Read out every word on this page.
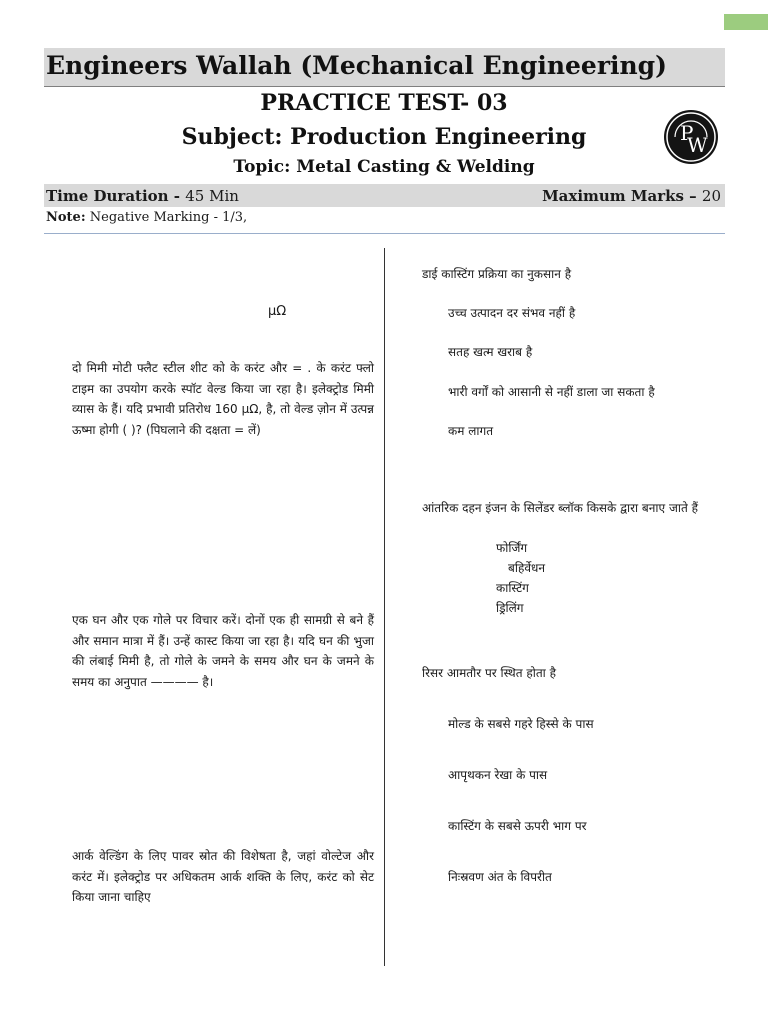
Engineers Wallah (Mechanical Engineering)
PRACTICE TEST- 03
Subject: Production Engineering
Topic: Metal Casting & Welding
P
W
Time Duration - 45 Min	Maximum Marks – 20
Note: Negative Marking - 1/3,
μΩ
दो मिमी मोटी फ्लैट स्टील शीट को के करंट और = . के करंट फ्लो टाइम का उपयोग करके स्पॉट वेल्ड किया जा रहा है। इलेक्ट्रोड मिमी व्यास के हैं। यदि प्रभावी प्रतिरोध 160 μΩ, है, तो वेल्ड ज़ोन में उत्पन्न ऊष्मा होगी ( )? (पिघलाने की दक्षता = लें)
एक घन और एक गोले पर विचार करें। दोनों एक ही सामग्री से बने हैं और समान मात्रा में हैं। उन्हें कास्ट किया जा रहा है। यदि घन की भुजा की लंबाई मिमी है, तो गोले के जमने के समय और घन के जमने के समय का अनुपात ———— है।
आर्क वेल्डिंग के लिए पावर स्रोत की विशेषता है, जहां वोल्टेज और करंट में। इलेक्ट्रोड पर अधिकतम आर्क शक्ति के लिए, करंट को सेट किया जाना चाहिए
डाई कास्टिंग प्रक्रिया का नुकसान है
उच्च उत्पादन दर संभव नहीं है
सतह खत्म खराब है
भारी वर्गों को आसानी से नहीं डाला जा सकता है
कम लागत
आंतरिक दहन इंजन के सिलेंडर ब्लॉक किसके द्वारा बनाए जाते हैं
फोर्जिंग
बहिर्वेधन
कास्टिंग
ड्रिलिंग
रिसर आमतौर पर स्थित होता है
मोल्ड के सबसे गहरे हिस्से के पास
आपृथकन रेखा के पास
कास्टिंग के सबसे ऊपरी भाग पर
निःस्रवण अंत के विपरीत
